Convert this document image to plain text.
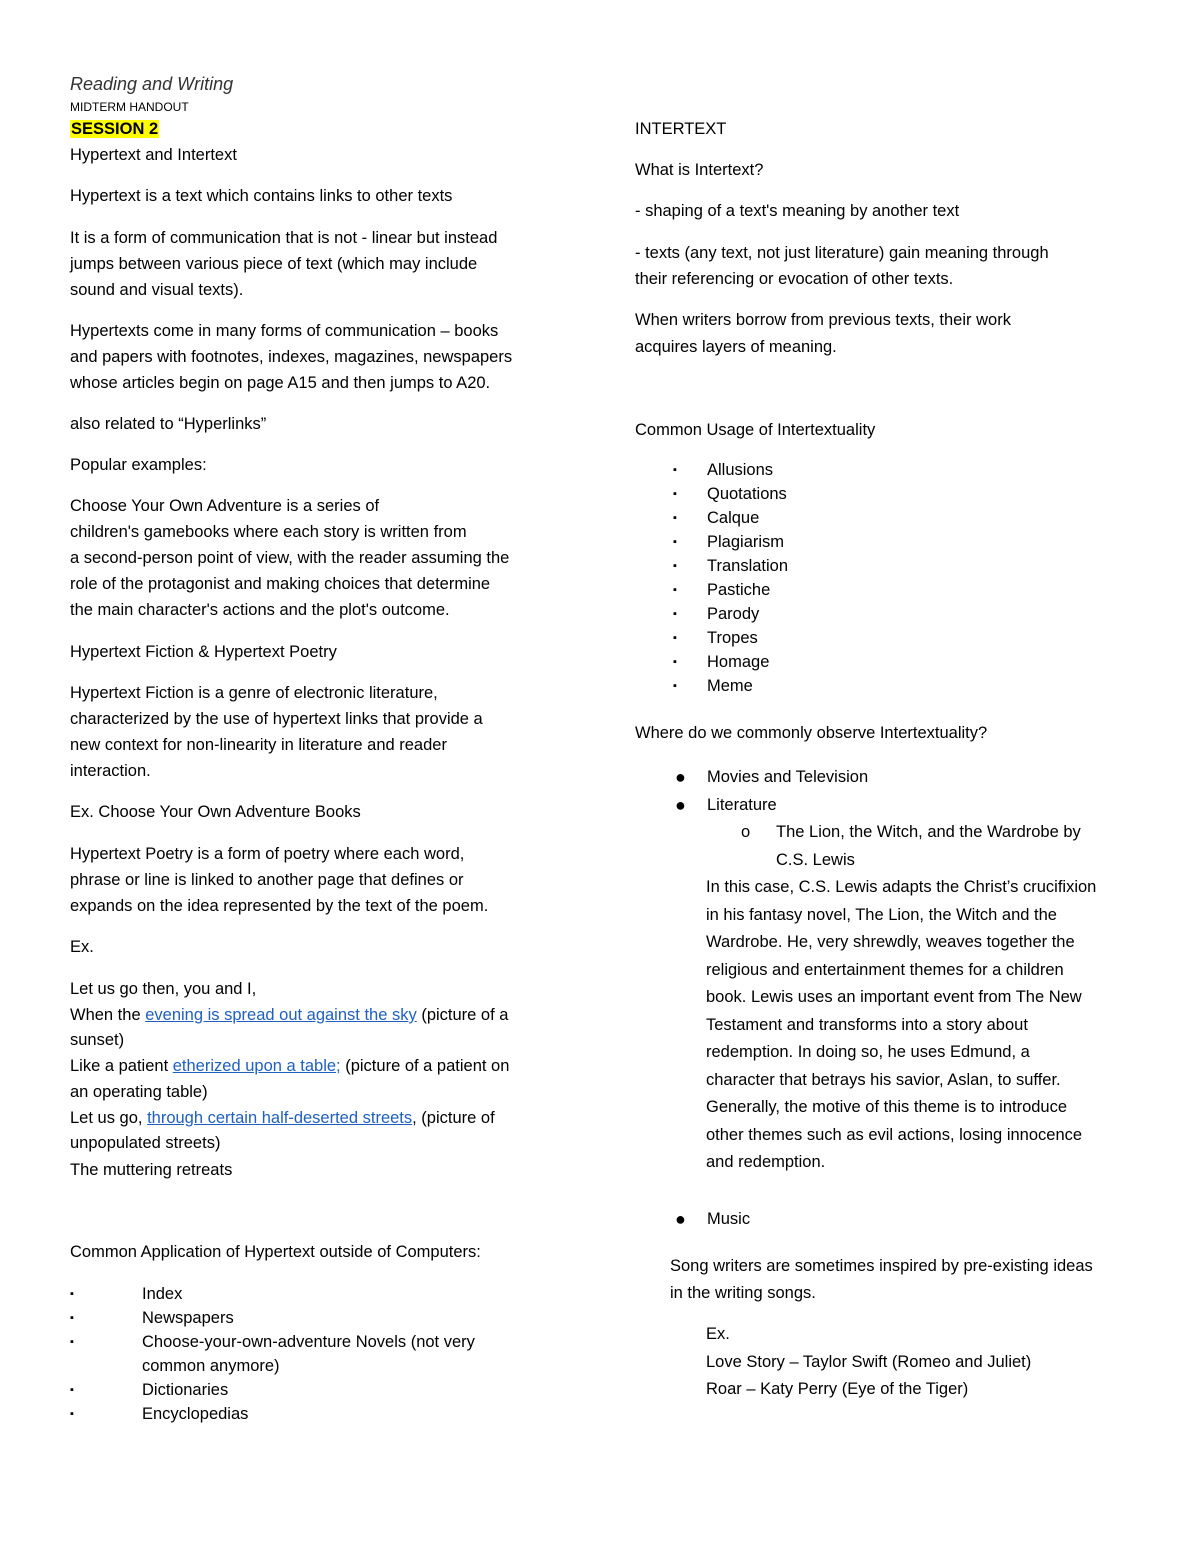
Reading and Writing

MIDTERM HANDOUT

SESSION 2

Hypertext and Intertext

Hypertext is a text which contains links to other texts

It is a form of communication that is not - linear but instead

jumps between various piece of text (which may include

sound and visual texts).

Hypertexts come in many forms of communication – books

and papers with footnotes, indexes, magazines, newspapers

whose articles begin on page A15 and then jumps to A20.

also related to “Hyperlinks”

Popular examples:

Choose Your Own Adventure is a series of

children's gamebooks where each story is written from

a second-person point of view, with the reader assuming the

role of the protagonist and making choices that determine

the main character's actions and the plot's outcome.

Hypertext Fiction & Hypertext Poetry

Hypertext Fiction is a genre of electronic literature,

characterized by the use of hypertext links that provide a

new context for non-linearity in literature and reader

interaction.

Ex. Choose Your Own Adventure Books

Hypertext Poetry is a form of poetry where each word,

phrase or line is linked to another page that defines or

expands on the idea represented by the text of the poem.

Ex.

Let us go then, you and I,

When the evening is spread out against the sky (picture of a

sunset)

Like a patient etherized upon a table; (picture of a patient on

an operating table)

Let us go, through certain half-deserted streets, (picture of

unpopulated streets)

The muttering retreats

Common Application of Hypertext outside of Computers:

▪	Index
▪	Newspapers
▪	Choose-your-own-adventure Novels (not very
common anymore)
▪	Dictionaries
▪	Encyclopedias

INTERTEXT

What is Intertext?

- shaping of a text's meaning by another text

- texts (any text, not just literature) gain meaning through

their referencing or evocation of other texts.

When writers borrow from previous texts, their work

acquires layers of meaning.

Common Usage of Intertextuality

▪	Allusions
▪	Quotations
▪	Calque
▪	Plagiarism
▪	Translation
▪	Pastiche
▪	Parody
▪	Tropes
▪	Homage
▪	Meme

Where do we commonly observe Intertextuality?

● Movies and Television
● Literature

o The Lion, the Witch, and the Wardrobe by

C.S. Lewis

In this case, C.S. Lewis adapts the Christ’s crucifixion

in his fantasy novel, The Lion, the Witch and the

Wardrobe. He, very shrewdly, weaves together the

religious and entertainment themes for a children

book. Lewis uses an important event from The New

Testament and transforms into a story about

redemption. In doing so, he uses Edmund, a

character that betrays his savior, Aslan, to suffer.

Generally, the motive of this theme is to introduce

other themes such as evil actions, losing innocence

and redemption.

● Music

Song writers are sometimes inspired by pre-existing ideas

in the writing songs.

Ex.

Love Story – Taylor Swift (Romeo and Juliet)

Roar – Katy Perry (Eye of the Tiger)
